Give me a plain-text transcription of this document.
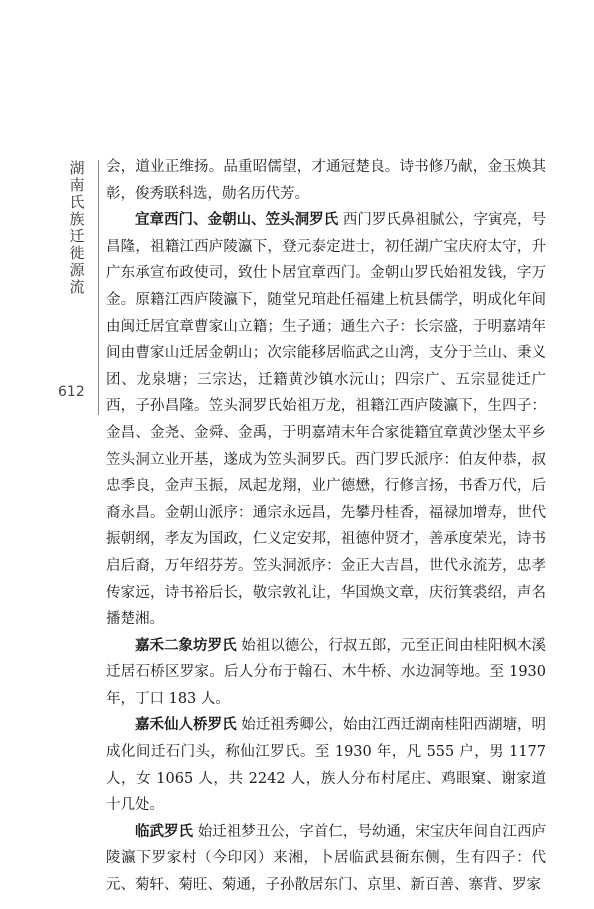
湖南氏族迁徙源流
612

会，道业正维扬。品重昭儒望，才通冠楚良。诗书修乃献，金玉焕其彰，俊秀联科选，勋名历代芳。

宜章西门、金朝山、笠头洞罗氏 西门罗氏鼻祖腻公，字寅亮，号昌隆，祖籍江西庐陵瀛下，登元泰定进士，初任湖广宝庆府太守，升广东承宣布政使司，致仕卜居宜章西门。金朝山罗氏始祖发钱，字万金。原籍江西庐陵瀛下，随堂兄琯赴任福建上杭县儒学，明成化年间由闽迁居宜章曹家山立籍；生子通；通生六子：长宗盛，于明嘉靖年间由曹家山迁居金朝山；次宗能移居临武之山湾，支分于兰山、秉义团、龙泉塘；三宗达，迁籍黄沙镇水沅山；四宗广、五宗显徙迁广西，子孙昌隆。笠头洞罗氏始祖万龙，祖籍江西庐陵瀛下，生四子：金昌、金尧、金舜、金禹，于明嘉靖末年合家徙籍宜章黄沙堡太平乡笠头洞立业开基，遂成为笠头洞罗氏。西门罗氏派序：伯友仲恭，叔忠季良，金声玉振，凤起龙翔，业广德懋，行修言扬，书香万代，后裔永昌。金朝山派序：通宗永远昌，先攀丹桂香，福禄加增寿，世代振朝纲，孝友为国政，仁义定安邦，祖德仲贤才，善承度荣光，诗书启后裔，万年绍芬芳。笠头洞派序：金正大吉昌，世代永流芳，忠孝传家远，诗书裕后长，敬宗敦礼让，华国焕文章，庆衍箕裘绍，声名播楚湘。

嘉禾二象坊罗氏 始祖以德公，行叔五郎，元至正间由桂阳枫木溪迁居石桥区罗家。后人分布于翰石、木牛桥、水边洞等地。至 1930 年，丁口 183 人。

嘉禾仙人桥罗氏 始迁祖秀卿公，始由江西迁湖南桂阳西湖塘，明成化间迁石门头，称仙江罗氏。至 1930 年，凡 555 户，男 1177 人，女 1065 人，共 2242 人，族人分布村尾庄、鸡眼窠、谢家道十几处。

临武罗氏 始迁祖梦丑公，字首仁，号幼通，宋宝庆年间自江西庐陵瀛下罗家村（今印冈）来湘，卜居临武县衙东侧，生有四子：代元、菊轩、菊旺、菊通，子孙散居东门、京里、新百善、寨背、罗家
